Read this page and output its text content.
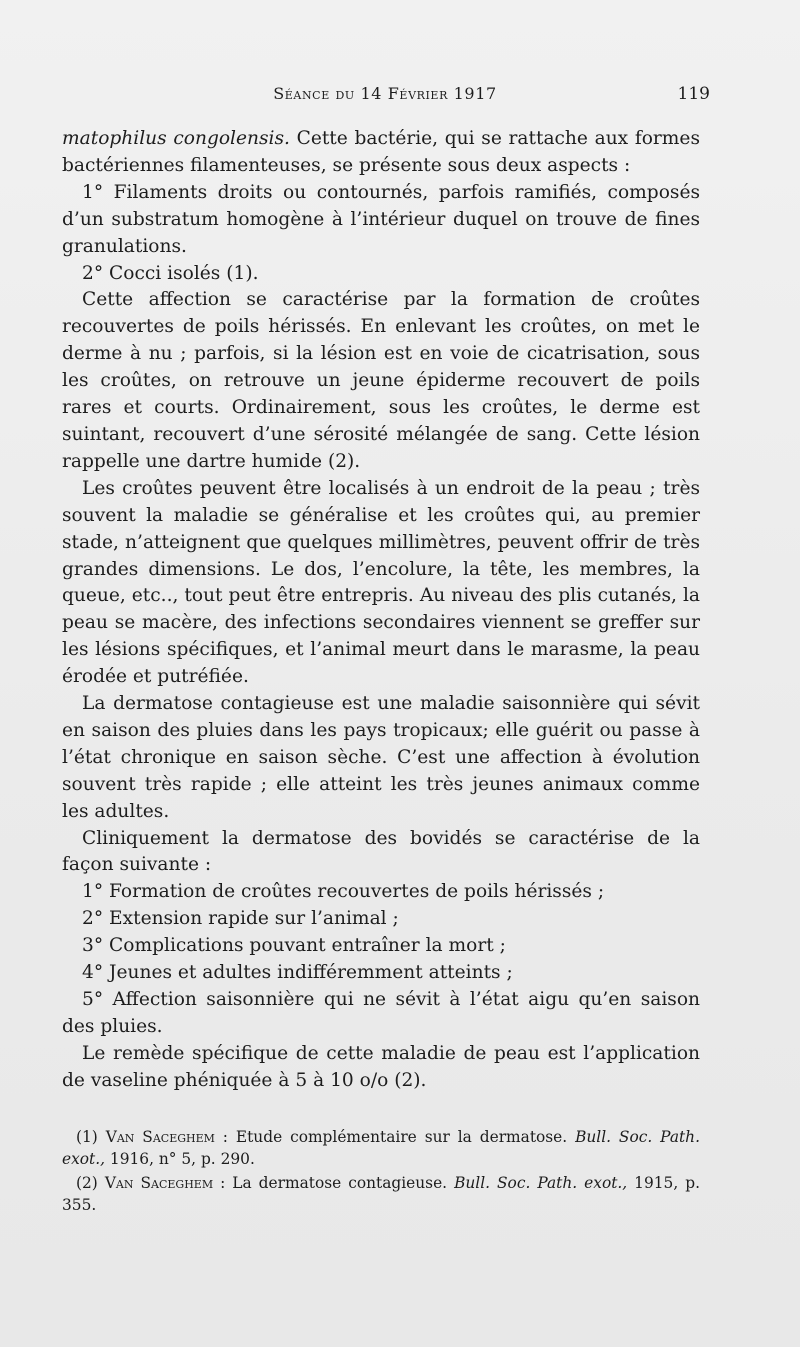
Séance du 14 Février 1917	119

matophilus congolensis. Cette bactérie, qui se rattache aux formes bactériennes filamenteuses, se présente sous deux aspects :

1° Filaments droits ou contournés, parfois ramifiés, composés d’un substratum homogène à l’intérieur duquel on trouve de fines granulations.

2° Cocci isolés (1).

Cette affection se caractérise par la formation de croûtes recouvertes de poils hérissés. En enlevant les croûtes, on met le derme à nu ; parfois, si la lésion est en voie de cicatrisation, sous les croûtes, on retrouve un jeune épiderme recouvert de poils rares et courts. Ordinairement, sous les croûtes, le derme est suintant, recouvert d’une sérosité mélangée de sang. Cette lésion rappelle une dartre humide (2).

Les croûtes peuvent être localisés à un endroit de la peau ; très souvent la maladie se généralise et les croûtes qui, au premier stade, n’atteignent que quelques millimètres, peuvent offrir de très grandes dimensions. Le dos, l’encolure, la tête, les membres, la queue, etc.., tout peut être entrepris. Au niveau des plis cutanés, la peau se macère, des infections secondaires viennent se greffer sur les lésions spécifiques, et l’animal meurt dans le marasme, la peau érodée et putréfiée.

La dermatose contagieuse est une maladie saisonnière qui sévit en saison des pluies dans les pays tropicaux; elle guérit ou passe à l’état chronique en saison sèche. C’est une affection à évolution souvent très rapide ; elle atteint les très jeunes animaux comme les adultes.

Cliniquement la dermatose des bovidés se caractérise de la façon suivante :

1° Formation de croûtes recouvertes de poils hérissés ;

2° Extension rapide sur l’animal ;

3° Complications pouvant entraîner la mort ;

4° Jeunes et adultes indifféremment atteints ;

5° Affection saisonnière qui ne sévit à l’état aigu qu’en saison des pluies.

Le remède spécifique de cette maladie de peau est l’application de vaseline phéniquée à 5 à 10 o/o (2).

(1) Van Saceghem : Etude complémentaire sur la dermatose. Bull. Soc. Path. exot., 1916, n° 5, p. 290.

(2) Van Saceghem : La dermatose contagieuse. Bull. Soc. Path. exot., 1915, p. 355.
